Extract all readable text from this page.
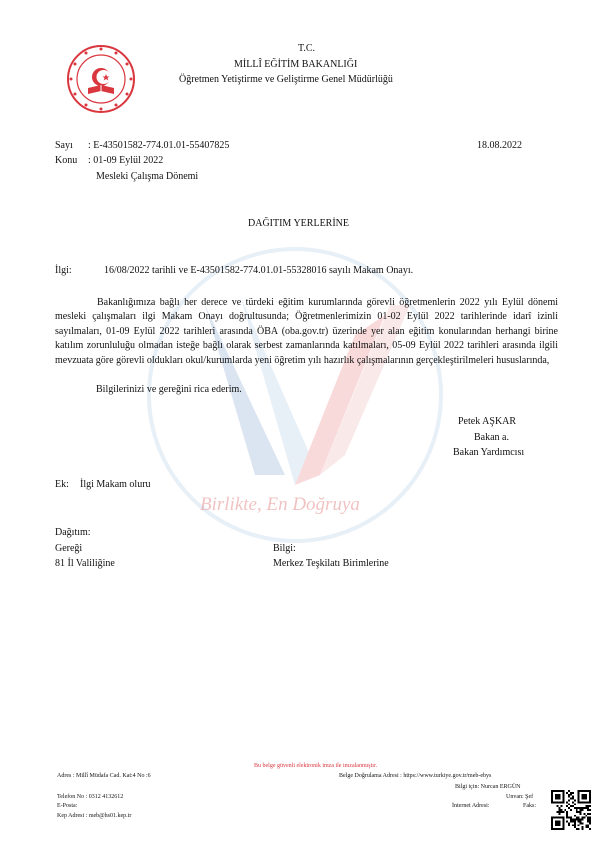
T.C.
MİLLÎ EĞİTİM BAKANLIĞI
Öğretmen Yetiştirme ve Geliştirme Genel Müdürlüğü
Birlikte, En Doğruya
Sayı : E-43501582-774.01.01-55407825	18.08.2022
Konu : 01-09 Eylül 2022
Mesleki Çalışma Dönemi
DAĞITIM YERLERİNE
İlgi:	16/08/2022 tarihli ve E-43501582-774.01.01-55328016 sayılı Makam Onayı.
Bakanlığımıza bağlı her derece ve türdeki eğitim kurumlarında görevli öğretmenlerin 2022 yılı Eylül dönemi mesleki çalışmaları ilgi Makam Onayı doğrultusunda; Öğretmenlerimizin 01-02 Eylül 2022 tarihlerinde idarî izinli sayılmaları, 01-09 Eylül 2022 tarihleri arasında ÖBA (oba.gov.tr) üzerinde yer alan eğitim konularından herhangi birine katılım zorunluluğu olmadan isteğe bağlı olarak serbest zamanlarında katılmaları, 05-09 Eylül 2022 tarihleri arasında ilgili mevzuata göre görevli oldukları okul/kurumlarda yeni öğretim yılı hazırlık çalışmalarının gerçekleştirilmeleri hususlarında,
Bilgilerinizi ve gereğini rica ederim.
Petek AŞKAR
Bakan a.
Bakan Yardımcısı
Ek: İlgi Makam oluru
Dağıtım:
Gereği
81 İl Valiliğine
Bilgi:
Merkez Teşkilatı Birimlerine
Bu belge güvenli elektronik imza ile imzalanmıştır.
Adres : Millî Müdafa Cad. Kat:4 No :6	Belge Doğrulama Adresi : https://www.turkiye.gov.tr/meb-ebys
Bilgi için: Nurcan ERGÜN
Telefon No : 0312 4132612	Unvan: Şef
E-Posta:	İnternet Adresi:	Faks:
Kep Adresi : meb@hs01.kep.tr
